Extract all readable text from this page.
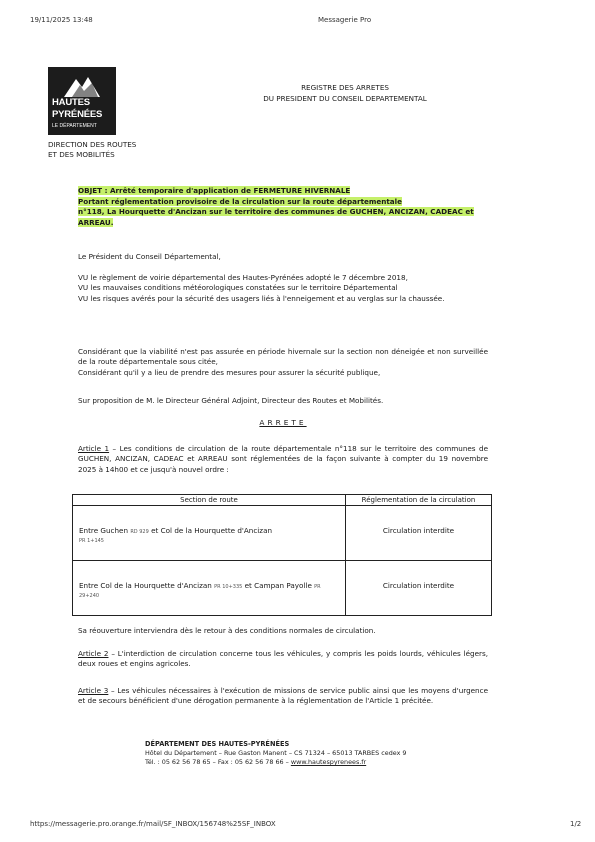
19/11/2025 13:48	Messagerie Pro
HAUTES
PYRÉNÉES
LE DÉPARTEMENT
DIRECTION DES ROUTES
ET DES MOBILITÉS
REGISTRE DES ARRETES
DU PRESIDENT DU CONSEIL DEPARTEMENTAL
OBJET : Arrêté temporaire d'application de FERMETURE HIVERNALE
Portant réglementation provisoire de la circulation sur la route départementale
n°118, La Hourquette d'Ancizan sur le territoire des communes de GUCHEN, ANCIZAN, CADEAC et
ARREAU.
Le Président du Conseil Départemental,
VU le règlement de voirie départemental des Hautes-Pyrénées adopté le 7 décembre 2018,
VU les mauvaises conditions météorologiques constatées sur le territoire Départemental
VU les risques avérés pour la sécurité des usagers liés à l'enneigement et au verglas sur la chaussée.
Considérant que la viabilité n'est pas assurée en période hivernale sur la section non déneigée et non surveillée de la route départementale sous citée,
Considérant qu'il y a lieu de prendre des mesures pour assurer la sécurité publique,
Sur proposition de M. le Directeur Général Adjoint, Directeur des Routes et Mobilités.
ARRETE
Article 1 – Les conditions de circulation de la route départementale n°118 sur le territoire des communes de GUCHEN, ANCIZAN, CADEAC et ARREAU sont réglementées de la façon suivante à compter du 19 novembre 2025 à 14h00 et ce jusqu'à nouvel ordre :
Section de route	Réglementation de la circulation
Entre Guchen RD 929 et Col de la Hourquette d'Ancizan
PR 1+145	Circulation interdite
Entre Col de la Hourquette d'Ancizan PR 10+335 et Campan Payolle PR 29+240	Circulation interdite
Sa réouverture interviendra dès le retour à des conditions normales de circulation.
Article 2 – L'interdiction de circulation concerne tous les véhicules, y compris les poids lourds, véhicules légers, deux roues et engins agricoles.
Article 3 – Les véhicules nécessaires à l'exécution de missions de service public ainsi que les moyens d'urgence et de secours bénéficient d'une dérogation permanente à la réglementation de l'Article 1 précitée.
DÉPARTEMENT DES HAUTES-PYRÉNÉES
Hôtel du Département – Rue Gaston Manent – CS 71324 – 65013 TARBES cedex 9
Tél. : 05 62 56 78 65 – Fax : 05 62 56 78 66 – www.hautespyrenees.fr
https://messagerie.pro.orange.fr/mail/SF_INBOX/156748%25SF_INBOX	1/2
